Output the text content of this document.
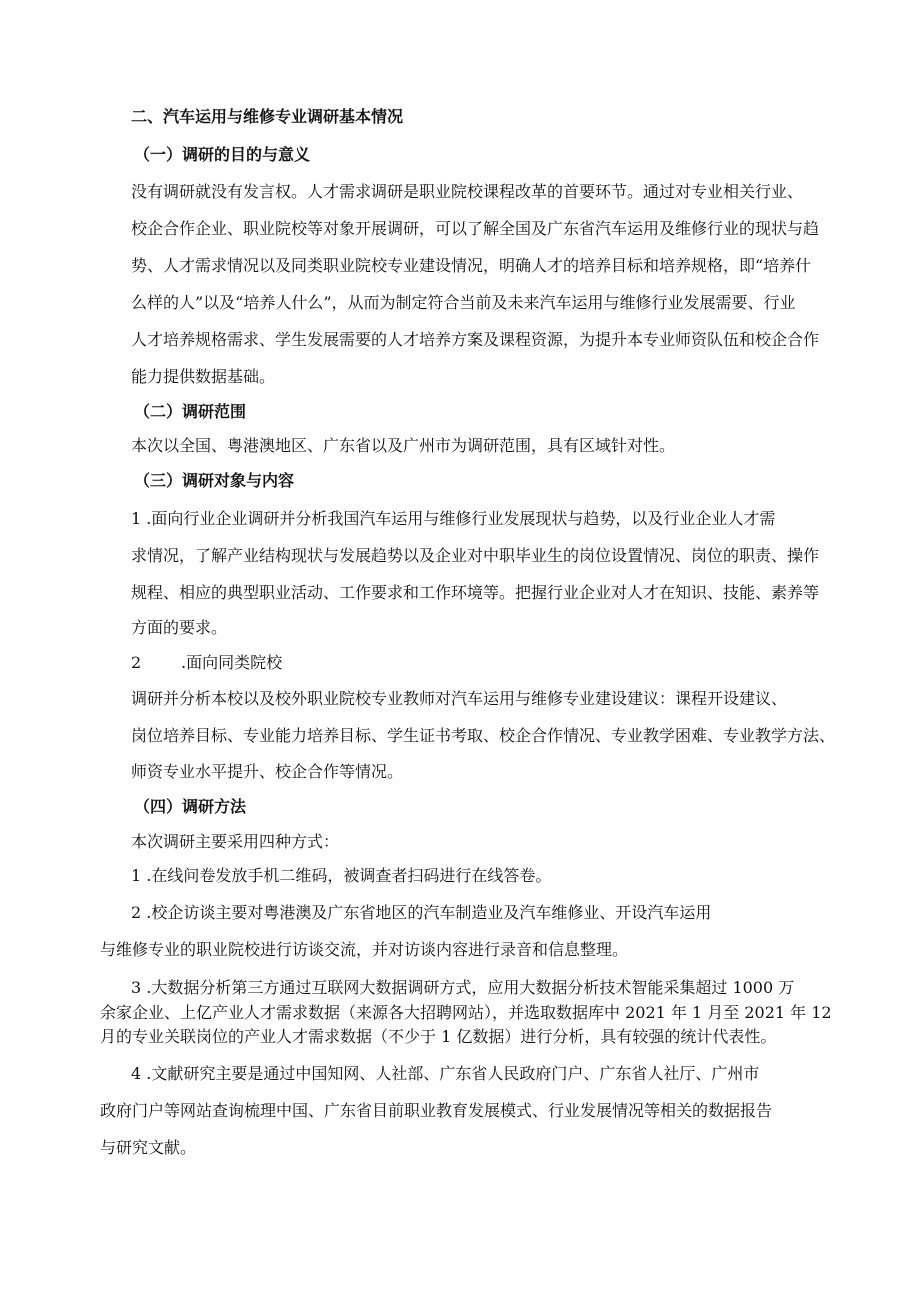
二、汽车运用与维修专业调研基本情况
（一）调研的目的与意义
没有调研就没有发言权。人才需求调研是职业院校课程改革的首要环节。通过对专业相关行业、
校企合作企业、职业院校等对象开展调研，可以了解全国及广东省汽车运用及维修行业的现状与趋
势、人才需求情况以及同类职业院校专业建设情况，明确人才的培养目标和培养规格，即“培养什
么样的人”以及“培养人什么”，从而为制定符合当前及未来汽车运用与维修行业发展需要、行业
人才培养规格需求、学生发展需要的人才培养方案及课程资源，为提升本专业师资队伍和校企合作
能力提供数据基础。
（二）调研范围
本次以全国、粤港澳地区、广东省以及广州市为调研范围，具有区域针对性。
（三）调研对象与内容
1 .面向行业企业调研并分析我国汽车运用与维修行业发展现状与趋势，以及行业企业人才需
求情况，了解产业结构现状与发展趋势以及企业对中职毕业生的岗位设置情况、岗位的职责、操作
规程、相应的典型职业活动、工作要求和工作环境等。把握行业企业对人才在知识、技能、素养等
方面的要求。
2 .面向同类院校
调研并分析本校以及校外职业院校专业教师对汽车运用与维修专业建设建议：课程开设建议、
岗位培养目标、专业能力培养目标、学生证书考取、校企合作情况、专业教学困难、专业教学方法、
师资专业水平提升、校企合作等情况。
（四）调研方法
本次调研主要采用四种方式：
1 .在线问卷发放手机二维码，被调查者扫码进行在线答卷。
2 .校企访谈主要对粤港澳及广东省地区的汽车制造业及汽车维修业、开设汽车运用
与维修专业的职业院校进行访谈交流，并对访谈内容进行录音和信息整理。
3 .大数据分析第三方通过互联网大数据调研方式，应用大数据分析技术智能采集超过 1000 万
余家企业、上亿产业人才需求数据（来源各大招聘网站），并选取数据库中 2021 年 1 月至 2021 年 12
月的专业关联岗位的产业人才需求数据（不少于 1 亿数据）进行分析，具有较强的统计代表性。
4 .文献研究主要是通过中国知网、人社部、广东省人民政府门户、广东省人社厅、广州市
政府门户等网站查询梳理中国、广东省目前职业教育发展模式、行业发展情况等相关的数据报告
与研究文献。
